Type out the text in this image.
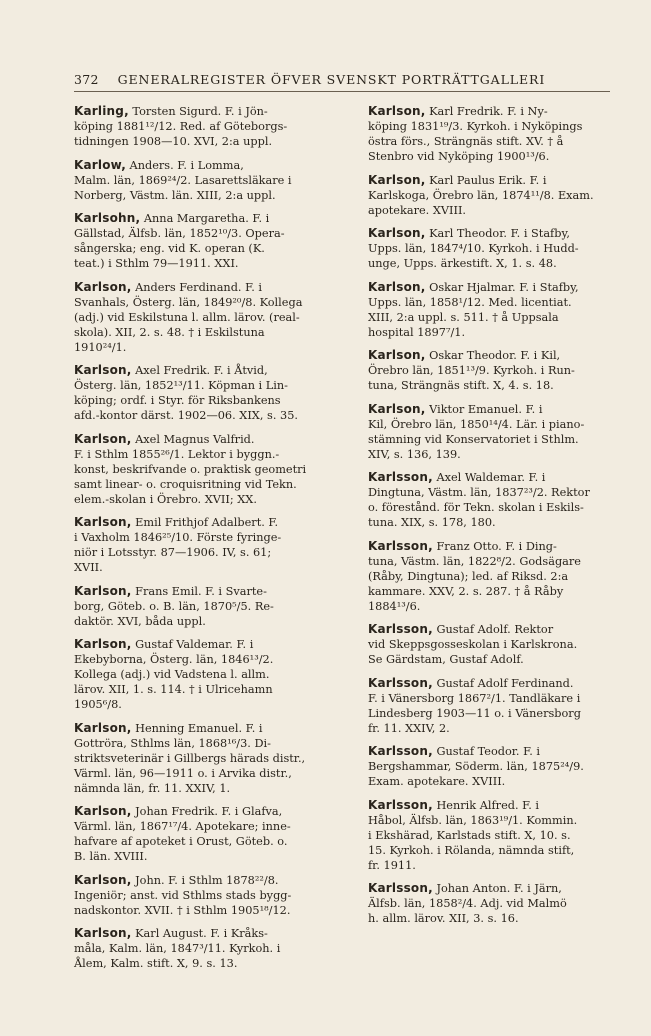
372 GENERALREGISTER ÖFVER SVENSKT PORTRÄTTGALLERI

Karling, Torsten Sigurd. F. i Jön-
köping 1881¹²/12. Red. af Göteborgs-
tidningen 1908—10. XVI, 2:a uppl.

Karlow, Anders. F. i Lomma,
Malm. län, 1869²⁴/2. Lasarettsläkare i
Norberg, Västm. län. XIII, 2:a uppl.

Karlsohn, Anna Margaretha. F. i
Gällstad, Älfsb. län, 1852¹⁰/3. Opera-
sångerska; eng. vid K. operan (K.
teat.) i Sthlm 79—1911. XXI.

Karlson, Anders Ferdinand. F. i
Svanhals, Österg. län, 1849²⁰/8. Kollega
(adj.) vid Eskilstuna l. allm. lärov. (real-
skola). XII, 2. s. 48. † i Eskilstuna
1910²⁴/1.

Karlson, Axel Fredrik. F. i Åtvid,
Österg. län, 1852¹³/11. Köpman i Lin-
köping; ordf. i Styr. för Riksbankens
afd.-kontor därst. 1902—06. XIX, s. 35.

Karlson, Axel Magnus Valfrid.
F. i Sthlm 1855²⁶/1. Lektor i byggn.-
konst, beskrifvande o. praktisk geometri
samt linear- o. croquisritning vid Tekn.
elem.-skolan i Örebro. XVII; XX.

Karlson, Emil Frithjof Adalbert. F.
i Vaxholm 1846²⁵/10. Förste fyringe-
niör i Lotsstyr. 87—1906. IV, s. 61;
XVII.

Karlson, Frans Emil. F. i Svarte-
borg, Göteb. o. B. län, 1870⁵/5. Re-
daktör. XVI, båda uppl.

Karlson, Gustaf Valdemar. F. i
Ekebyborna, Österg. län, 1846¹³/2.
Kollega (adj.) vid Vadstena l. allm.
lärov. XII, 1. s. 114. † i Ulricehamn
1905⁶/8.

Karlson, Henning Emanuel. F. i
Gottröra, Sthlms län, 1868¹⁶/3. Di-
striktsveterinär i Gillbergs härads distr.,
Värml. län, 96—1911 o. i Arvika distr.,
nämnda län, fr. 11. XXIV, 1.

Karlson, Johan Fredrik. F. i Glafva,
Värml. län, 1867¹⁷/4. Apotekare; inne-
hafvare af apoteket i Orust, Göteb. o.
B. län. XVIII.

Karlson, John. F. i Sthlm 1878²²/8.
Ingeniör; anst. vid Sthlms stads bygg-
nadskontor. XVII. † i Sthlm 1905¹⁸/12.

Karlson, Karl August. F. i Kråks-
måla, Kalm. län, 1847³/11. Kyrkoh. i
Ålem, Kalm. stift. X, 9. s. 13.

Karlson, Karl Fredrik. F. i Ny-
köping 1831¹⁹/3. Kyrkoh. i Nyköpings
östra förs., Strängnäs stift. XV. † å
Stenbro vid Nyköping 1900¹³/6.

Karlson, Karl Paulus Erik. F. i
Karlskoga, Örebro län, 1874¹¹/8. Exam.
apotekare. XVIII.

Karlson, Karl Theodor. F. i Stafby,
Upps. län, 1847⁴/10. Kyrkoh. i Hudd-
unge, Upps. ärkestift. X, 1. s. 48.

Karlson, Oskar Hjalmar. F. i Stafby,
Upps. län, 1858¹/12. Med. licentiat.
XIII, 2:a uppl. s. 511. † å Uppsala
hospital 1897⁷/1.

Karlson, Oskar Theodor. F. i Kil,
Örebro län, 1851¹³/9. Kyrkoh. i Run-
tuna, Strängnäs stift. X, 4. s. 18.

Karlson, Viktor Emanuel. F. i
Kil, Örebro län, 1850¹⁴/4. Lär. i piano-
stämning vid Konservatoriet i Sthlm.
XIV, s. 136, 139.

Karlsson, Axel Waldemar. F. i
Dingtuna, Västm. län, 1837²³/2. Rektor
o. förestånd. för Tekn. skolan i Eskils-
tuna. XIX, s. 178, 180.

Karlsson, Franz Otto. F. i Ding-
tuna, Västm. län, 1822⁸/2. Godsägare
(Råby, Dingtuna); led. af Riksd. 2:a
kammare. XXV, 2. s. 287. † å Råby
1884¹³/6.

Karlsson, Gustaf Adolf. Rektor
vid Skeppsgosseskolan i Karlskrona.
Se Gärdstam, Gustaf Adolf.

Karlsson, Gustaf Adolf Ferdinand.
F. i Vänersborg 1867²/1. Tandläkare i
Lindesberg 1903—11 o. i Vänersborg
fr. 11. XXIV, 2.

Karlsson, Gustaf Teodor. F. i
Bergshammar, Söderm. län, 1875²⁴/9.
Exam. apotekare. XVIII.

Karlsson, Henrik Alfred. F. i
Håbol, Älfsb. län, 1863¹⁹/1. Kommin.
i Ekshärad, Karlstads stift. X, 10. s.
15. Kyrkoh. i Rölanda, nämnda stift,
fr. 1911.

Karlsson, Johan Anton. F. i Järn,
Älfsb. län, 1858²/4. Adj. vid Malmö
h. allm. lärov. XII, 3. s. 16.
